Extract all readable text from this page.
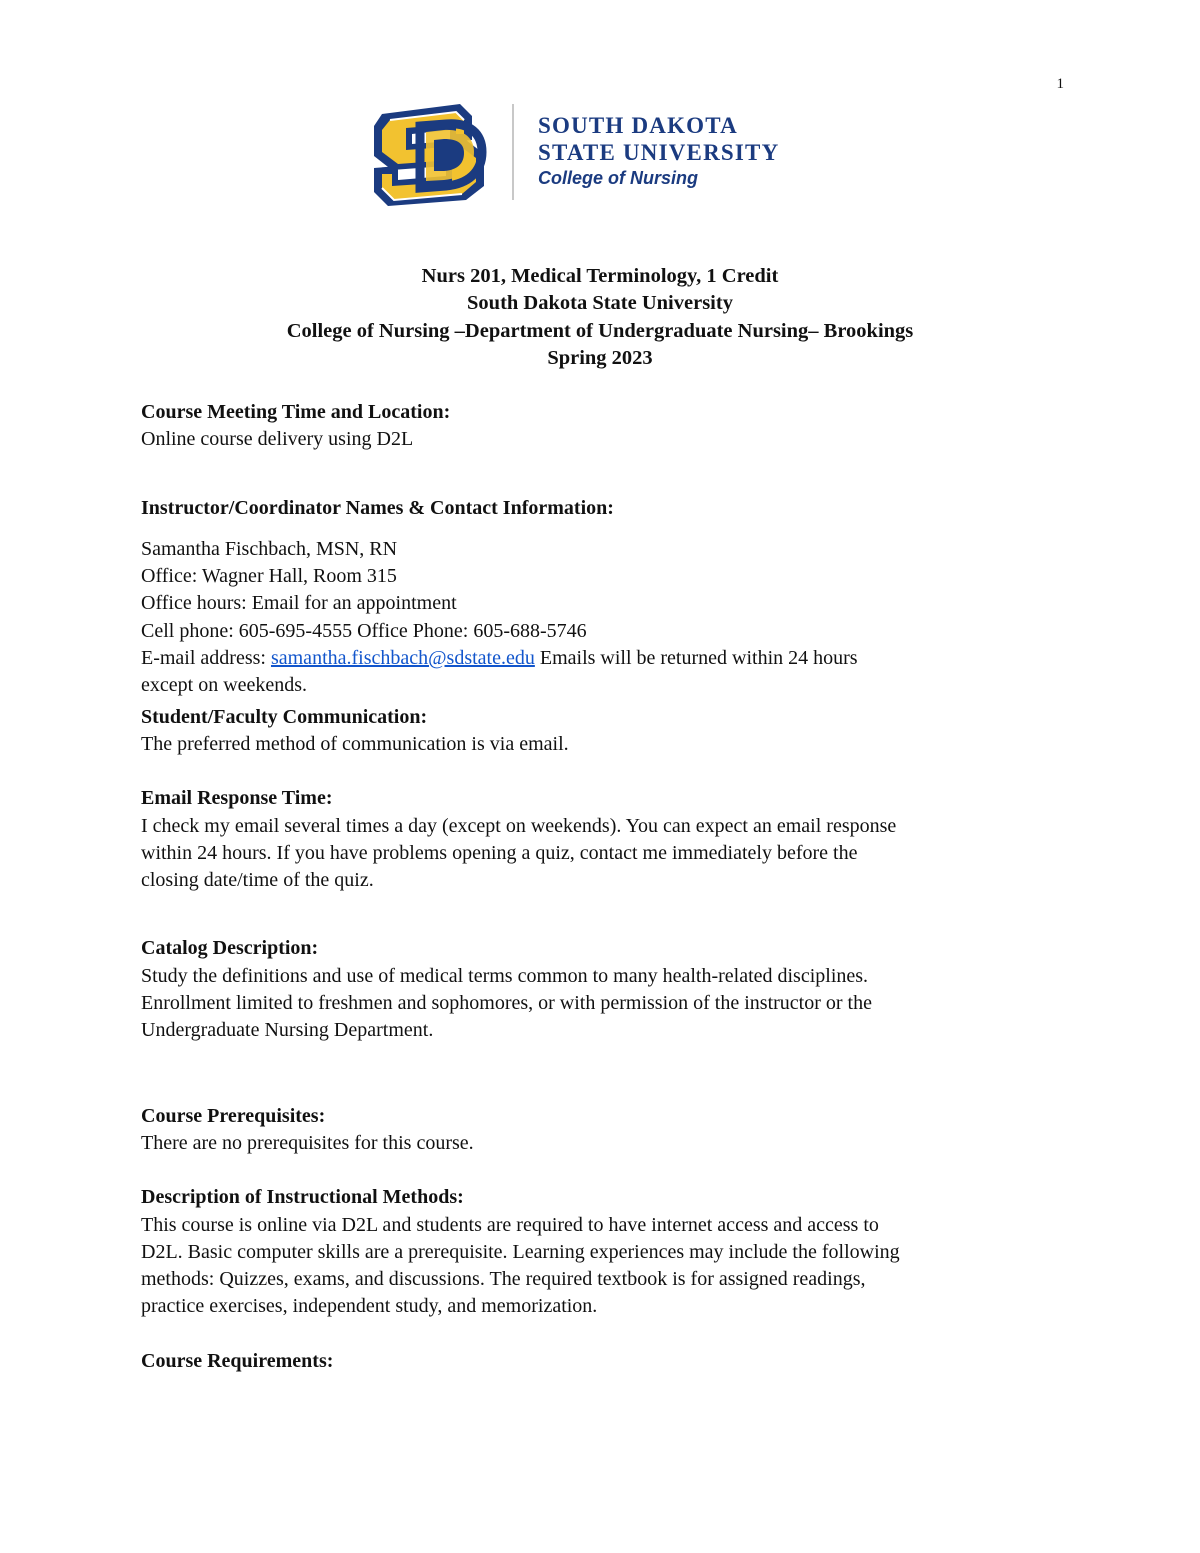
1
SOUTH DAKOTA
STATE UNIVERSITY
College of Nursing
Nurs 201, Medical Terminology, 1 Credit
South Dakota State University
College of Nursing –Department of Undergraduate Nursing– Brookings
Spring 2023

Course Meeting Time and Location:

Online course delivery using D2L

Instructor/Coordinator Names & Contact Information:

Samantha Fischbach, MSN, RN

Office: Wagner Hall, Room 315

Office hours: Email for an appointment

Cell phone: 605-695-4555 Office Phone: 605-688-5746

E-mail address: samantha.fischbach@sdstate.edu Emails will be returned within 24 hours

except on weekends.

Student/Faculty Communication:

The preferred method of communication is via email.

Email Response Time:

I check my email several times a day (except on weekends). You can expect an email response

within 24 hours. If you have problems opening a quiz, contact me immediately before the

closing date/time of the quiz.

Catalog Description:

Study the definitions and use of medical terms common to many health-related disciplines.

Enrollment limited to freshmen and sophomores, or with permission of the instructor or the

Undergraduate Nursing Department.

Course Prerequisites:

There are no prerequisites for this course.

Description of Instructional Methods:

This course is online via D2L and students are required to have internet access and access to

D2L. Basic computer skills are a prerequisite. Learning experiences may include the following

methods: Quizzes, exams, and discussions. The required textbook is for assigned readings,

practice exercises, independent study, and memorization.

Course Requirements:
